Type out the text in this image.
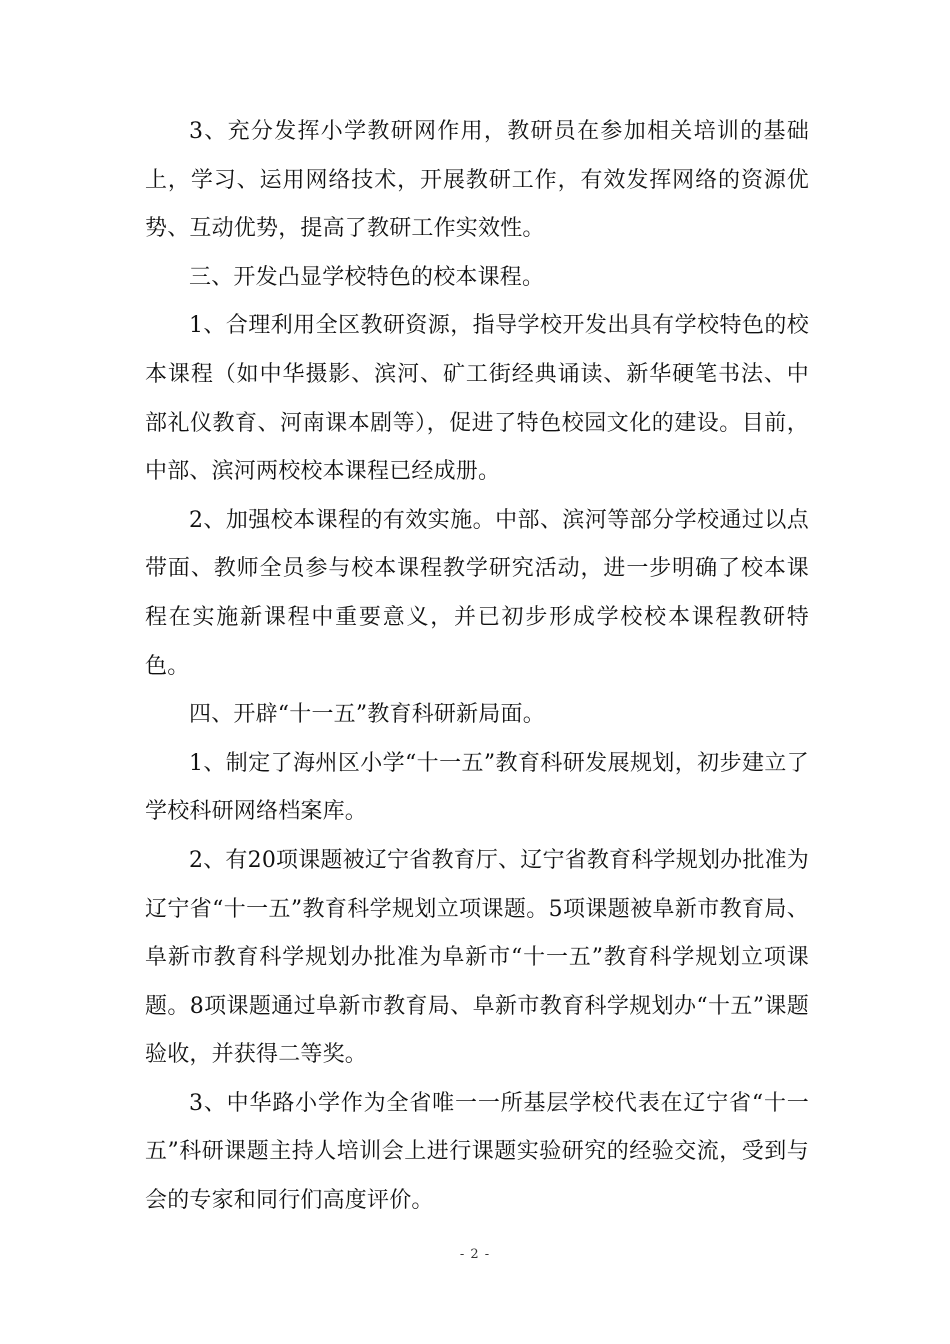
3、充分发挥小学教研网作用，教研员在参加相关培训的基础上，学习、运用网络技术，开展教研工作，有效发挥网络的资源优势、互动优势，提高了教研工作实效性。

三、开发凸显学校特色的校本课程。

1、合理利用全区教研资源，指导学校开发出具有学校特色的校本课程（如中华摄影、滨河、矿工街经典诵读、新华硬笔书法、中部礼仪教育、河南课本剧等），促进了特色校园文化的建设。目前，中部、滨河两校校本课程已经成册。

2、加强校本课程的有效实施。中部、滨河等部分学校通过以点带面、教师全员参与校本课程教学研究活动，进一步明确了校本课程在实施新课程中重要意义，并已初步形成学校校本课程教研特色。

四、开辟“十一五”教育科研新局面。

1、制定了海州区小学“十一五”教育科研发展规划，初步建立了学校科研网络档案库。

2、有20项课题被辽宁省教育厅、辽宁省教育科学规划办批准为辽宁省“十一五”教育科学规划立项课题。5项课题被阜新市教育局、阜新市教育科学规划办批准为阜新市“十一五”教育科学规划立项课题。8项课题通过阜新市教育局、阜新市教育科学规划办“十五”课题验收，并获得二等奖。

3、中华路小学作为全省唯一一所基层学校代表在辽宁省“十一五”科研课题主持人培训会上进行课题实验研究的经验交流，受到与会的专家和同行们高度评价。

- 2 -
